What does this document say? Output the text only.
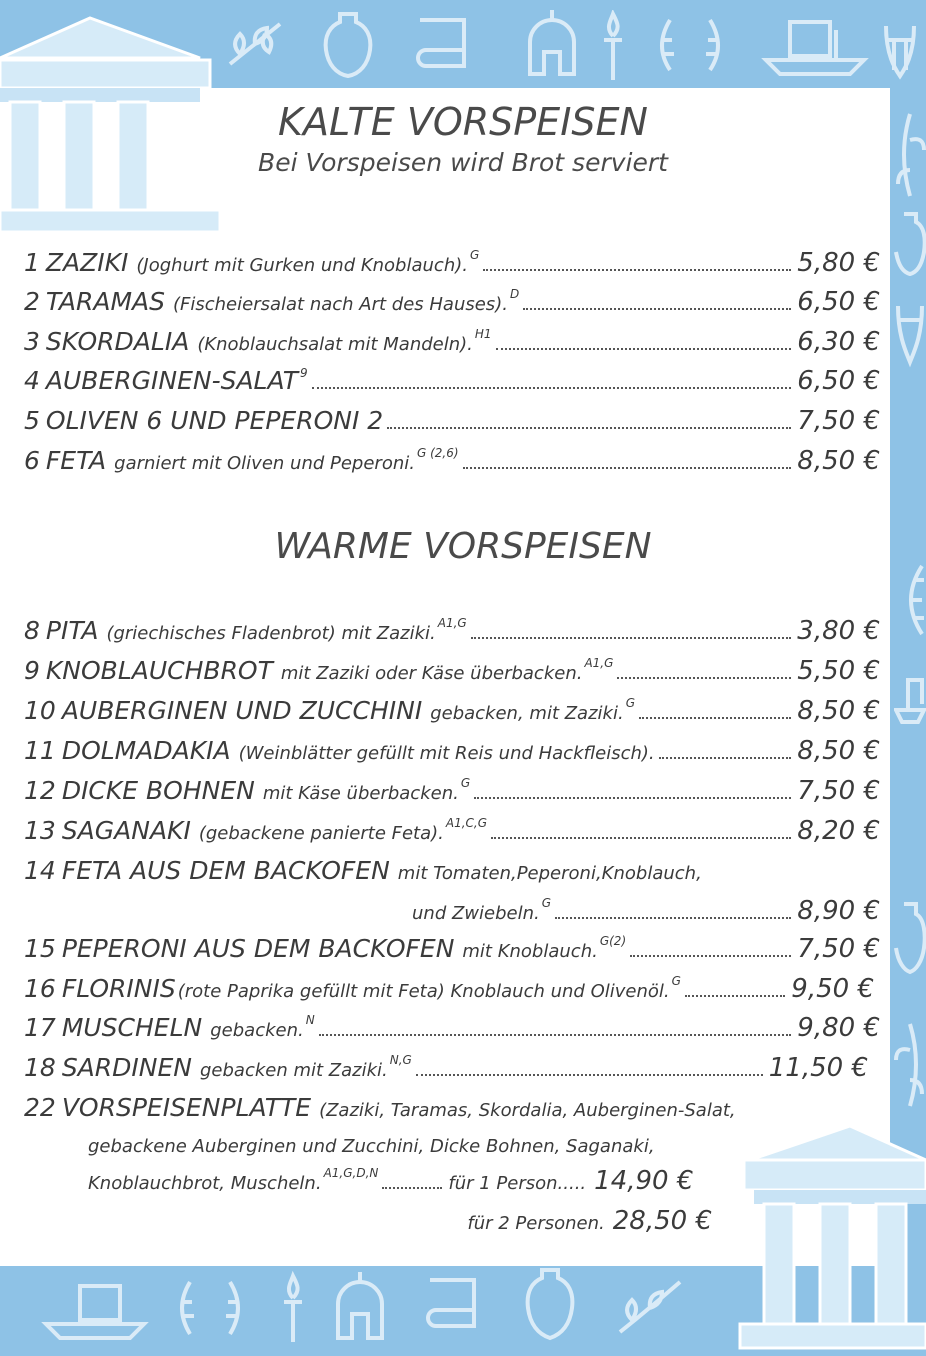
KALTE VORSPEISEN
Bei Vorspeisen wird Brot serviert
1 ZAZIKI (Joghurt mit Gurken und Knoblauch). G	5,80 €
2 TARAMAS (Fischeiersalat nach Art des Hauses). D	6,50 €
3 SKORDALIA (Knoblauchsalat mit Mandeln). H1	6,30 €
4 AUBERGINEN-SALAT 9	6,50 €
5 OLIVEN 6 UND PEPERONI 2	7,50 €
6 FETA garniert mit Oliven und Peperoni. G (2,6)	8,50 €
WARME VORSPEISEN
8 PITA (griechisches Fladenbrot) mit Zaziki. A1,G	3,80 €
9 KNOBLAUCHBROT mit Zaziki oder Käse überbacken. A1,G	5,50 €
10 AUBERGINEN UND ZUCCHINI gebacken, mit Zaziki. G	8,50 €
11 DOLMADAKIA (Weinblätter gefüllt mit Reis und Hackfleisch).	8,50 €
12 DICKE BOHNEN mit Käse überbacken. G	7,50 €
13 SAGANAKI (gebackene panierte Feta). A1,C,G	8,20 €
14 FETA AUS DEM BACKOFEN mit Tomaten,Peperoni,Knoblauch,
und Zwiebeln. G	8,90 €
15 PEPERONI AUS DEM BACKOFEN mit Knoblauch. G(2)	7,50 €
16 FLORINIS (rote Paprika gefüllt mit Feta) Knoblauch und Olivenöl. G	9,50 €
17 MUSCHELN gebacken. N	9,80 €
18 SARDINEN gebacken mit Zaziki. N,G	11,50 €
22 VORSPEISENPLATTE (Zaziki, Taramas, Skordalia, Auberginen-Salat,
gebackene Auberginen und Zucchini, Dicke Bohnen, Saganaki,
Knoblauchbrot, Muscheln. A1,G,D,N	für 1 Person..... 14,90 €
für 2 Personen. 28,50 €
